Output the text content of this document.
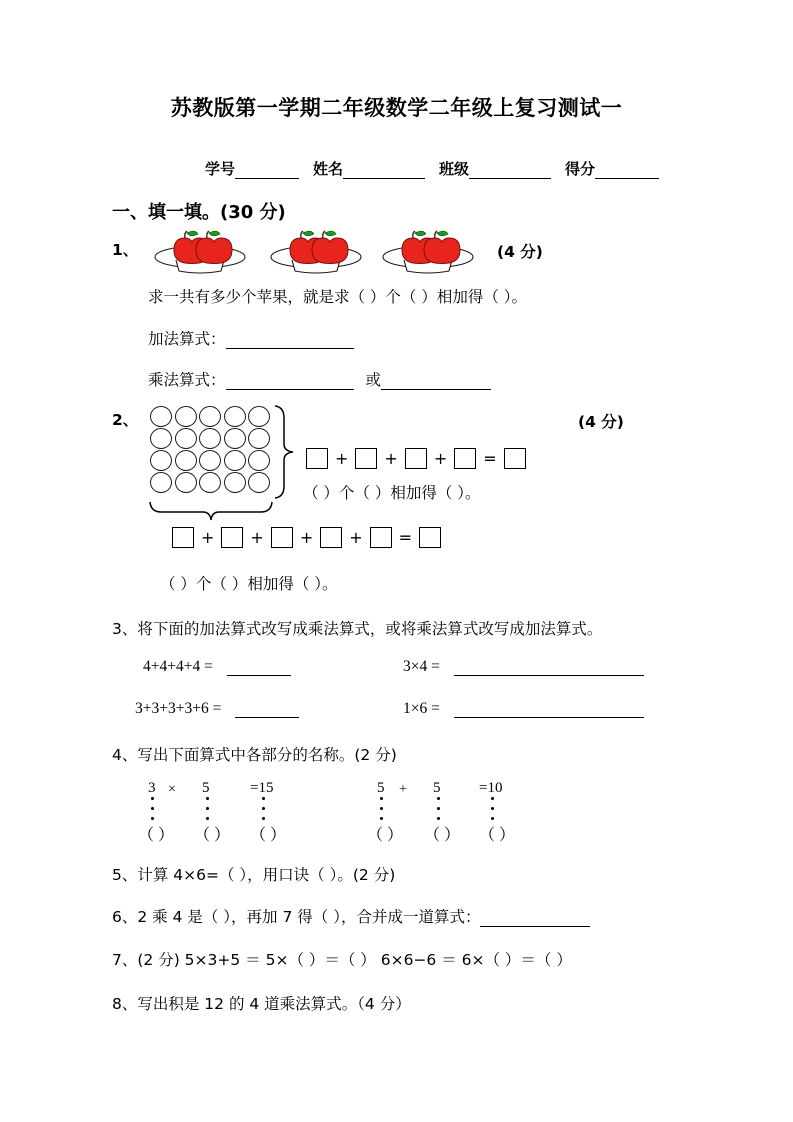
苏教版第一学期二年级数学二年级上复习测试一
学号	姓名	班级	得分
一、填一填。(30 分)
1、	(4 分)
求一共有多少个苹果，就是求（ ）个（ ）相加得（ ）。
加法算式：
乘法算式：	或
2、	(4 分)
+ + + =
（ ）个（ ）相加得（ ）。
+ + + + =
（ ）个（ ）相加得（ ）。
3、将下面的加法算式改写成乘法算式，或将乘法算式改写成加法算式。
4+4+4+4 =	3×4 =
3+3+3+3+6 =	1×6 =
4、写出下面算式中各部分的名称。(2 分)
3 × 5	=15
（ ） （ ） （ ）
5 + 5	=10
（ ） （ ） （ ）
5、计算 4×6=（ ），用口诀（ ）。(2 分)
6、 2 乘 4 是（ ），再加 7 得（ ），合并成一道算式：
7、(2 分) 5×3+5 ＝ 5×（ ）＝（ ） 6×6−6 ＝ 6×（ ）＝（ ）
8、写出积是 12 的 4 道乘法算式。（4 分）
